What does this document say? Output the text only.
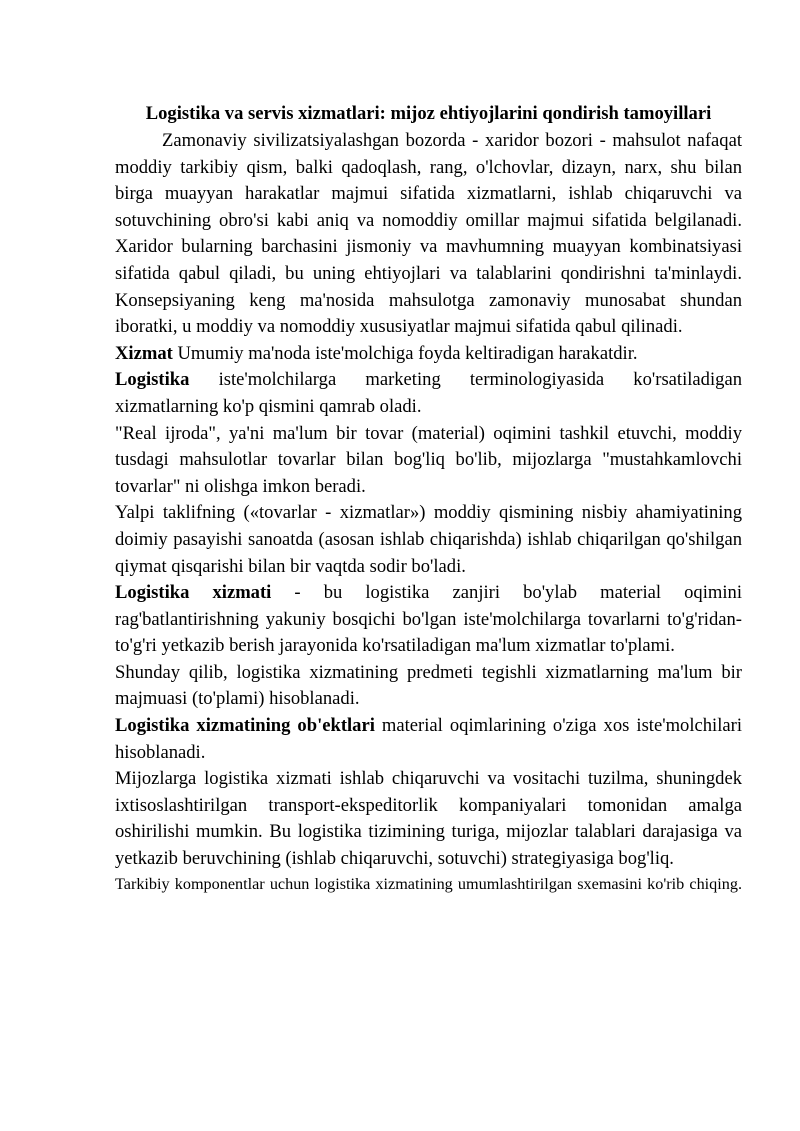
Logistika va servis xizmatlari: mijoz ehtiyojlarini qondirish tamoyillari

Zamonaviy sivilizatsiyalashgan bozorda - xaridor bozori - mahsulot nafaqat moddiy tarkibiy qism, balki qadoqlash, rang, o'lchovlar, dizayn, narx, shu bilan birga muayyan harakatlar majmui sifatida xizmatlarni, ishlab chiqaruvchi va sotuvchining obro'si kabi aniq va nomoddiy omillar majmui sifatida belgilanadi. Xaridor bularning barchasini jismoniy va mavhumning muayyan kombinatsiyasi sifatida qabul qiladi, bu uning ehtiyojlari va talablarini qondirishni ta'minlaydi. Konsepsiyaning keng ma'nosida mahsulotga zamonaviy munosabat shundan iboratki, u moddiy va nomoddiy xususiyatlar majmui sifatida qabul qilinadi.

Xizmat Umumiy ma'noda iste'molchiga foyda keltiradigan harakatdir.

Logistika iste'molchilarga marketing terminologiyasida ko'rsatiladigan xizmatlarning ko'p qismini qamrab oladi.

"Real ijroda", ya'ni ma'lum bir tovar (material) oqimini tashkil etuvchi, moddiy tusdagi mahsulotlar tovarlar bilan bog'liq bo'lib, mijozlarga "mustahkamlovchi tovarlar" ni olishga imkon beradi.

Yalpi taklifning («tovarlar - xizmatlar») moddiy qismining nisbiy ahamiyatining doimiy pasayishi sanoatda (asosan ishlab chiqarishda) ishlab chiqarilgan qo'shilgan qiymat qisqarishi bilan bir vaqtda sodir bo'ladi.

Logistika xizmati - bu logistika zanjiri bo'ylab material oqimini rag'batlantirishning yakuniy bosqichi bo'lgan iste'molchilarga tovarlarni to'g'ridan-to'g'ri yetkazib berish jarayonida ko'rsatiladigan ma'lum xizmatlar to'plami.

Shunday qilib, logistika xizmatining predmeti tegishli xizmatlarning ma'lum bir majmuasi (to'plami) hisoblanadi.

Logistika xizmatining ob'ektlari material oqimlarining o'ziga xos iste'molchilari hisoblanadi.

Mijozlarga logistika xizmati ishlab chiqaruvchi va vositachi tuzilma, shuningdek ixtisoslashtirilgan transport-ekspeditorlik kompaniyalari tomonidan amalga oshirilishi mumkin. Bu logistika tizimining turiga, mijozlar talablari darajasiga va yetkazib beruvchining (ishlab chiqaruvchi, sotuvchi) strategiyasiga bog'liq.

Tarkibiy komponentlar uchun logistika xizmatining umumlashtirilgan sxemasini ko'rib chiqing.
